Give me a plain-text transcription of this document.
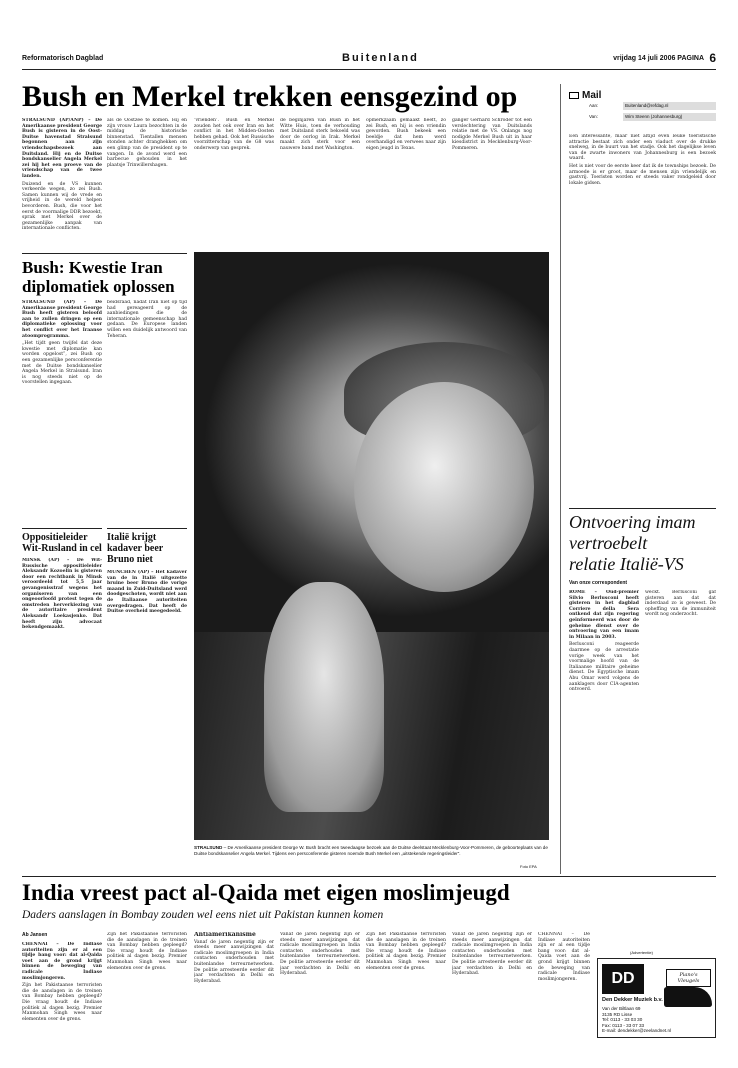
Reformatorisch Dagblad	Buitenland	vrijdag 14 juli 2006 PAGINA 6
Bush en Merkel trekken eensgezind op

STRALSUND (AP/ANP) – De Amerikaanse president George Bush is gisteren in de Oost-Duitse havenstad Stralsund begonnen aan zijn vriendschapsbezoek aan Duitsland. Hij en de Duitse bondskanselier Angela Merkel zei hij het een proeve van de vriendschap van de twee landen.

Duizend en de VS kunnen verkeerde wegen, zo zei Bush. Samen kunnen wij de vrede en vrijheid in de wereld helpen bevorderen. Bush, die voor het eerst de voormalige DDR bezoekt, sprak met Merkel over de gezamenlijke aanpak van internationale conflicten.

als de Oostzee te komen. Hij en zijn vrouw Laura bezochten in de middag de historische binnenstad. Tientallen mensen stonden achter dranghekken om een glimp van de president op te vangen. In de avond werd een barbecue gehouden in het plaatsje Trinwillershagen.
‘vrienden’. Bush en Merkel zouden het ook over Iran en het conflict in het Midden-Oosten hebben gehad. Ook het Russische voorzitterschap van de G8 was onderwerp van gesprek.
de beginjaren van Bush in het Witte Huis, toen de verhouding met Duitsland sterk bekoeld was door de oorlog in Irak. Merkel maakt zich sterk voor een nauwere band met Washington.
opmerkzaam gemaakt heeft, zo zei Bush, en hij is een vriendin geworden. Bush bekeek een beeldje dat hem werd overhandigd en verwees naar zijn eigen jeugd in Texas.
ganger Gerhard Schröder tot een verslechtering van Duitslands relatie met de VS. Onlangs nog nodigde Merkel Bush uit in haar kiesdistrict in Mecklenburg-Voor-Pommeren.
Bush: Kwestie Iran
diplomatiek oplossen

STRALSUND (AP) – De Amerikaanse president George Bush heeft gisteren beloofd aan te zullen dringen op een diplomatieke oplossing voor het conflict over het Iraanse atoomprogramma.

„Het tijdt geen twijfel dat deze kwestie met diplomatie kan worden opgelost”, zei Bush op een gezamenlijke persconferentie met de Duitse bondskanselier Angela Merkel in Stralsund. Iran is nog steeds niet op de voorstellen ingegaan.

beidsraad, nadat Iran niet op tijd had gereageerd op de aanbiedingen die de internationale gemeenschap had gedaan. De Europese landen willen een duidelijk antwoord van Teheran.
Oppositieleider
Wit-Rusland in cel

MINSK (AP) – De Wit-Russische oppositieleider Aleksandr Kozoelin is gisteren door een rechtbank in Minsk veroordeeld tot 5,5 jaar gevangenisstraf wegens het organiseren van een ongeoorloofd protest tegen de omstreden herverkiezing van de autoritaire president Aleksandr Loekasjenko. Dat heeft zijn advocaat bekendgemaakt.

Italië krijgt
kadaver beer
Bruno niet

MÜNCHEN (AP) – Het kadaver van de in Italië uitgezette bruine beer Bruno die vorige maand in Zuid-Duitsland werd doodgeschoten, wordt niet aan de Italiaanse autoriteiten overgedragen. Dat heeft de Duitse overheid meegedeeld.

STRALSUND – De Amerikaanse president George W. Bush bracht een tweedaagse bezoek aan de Duitse deelstaat Mecklenburg-Voor-Pommeren, de geboorteplaats van de Duitse bondskanselier Angela Merkel. Tijdens een persconferentie gisteren noemde Bush Merkel een „uitstekende regeringsleider”.
Foto EPA
Mail
Aan:	Buitenland@refdag.nl
Van:	Wim Steenn (Johannesburg)

Een interessante, maar niet altijd even leuke toeristische attractie bestaat zich onder een viaduct over de drukke snelweg, in de buurt van het stadje. Ook het dagelijkse leven van de zwarte inwoners van Johannesburg is een bezoek waard.

Het is niet voor de eerste keer dat ik de townships bezoek. De armoede is er groot, maar de mensen zijn vriendelijk en gastvrij. Toeristen worden er steeds vaker rondgeleid door lokale gidsen.

Ontvoering imam
vertroebelt
relatie Italië-VS
Van onze correspondent

ROME – Oud-premier Silvio Berlusconi heeft gisteren in het dagblad Corriere della Sera ontkend dat zijn regering geïnformeerd was door de geheime dienst over de ontvoering van een imam in Milaan in 2003.

Berlusconi reageerde daarmee op de arrestatie vorige week van het voormalige hoofd van de Italiaanse militaire geheime dienst. De Egyptische imam Abu Omar werd volgens de aanklagers door CIA-agenten ontvoerd.

weckt. Berlusconi gaf gisteren aan dat dat inderdaad zo is geweest. De opheffing van de immuniteit wordt nog onderzocht.
India vreest pact al-Qaida met eigen moslimjeugd
Daders aanslagen in Bombay zouden wel eens niet uit Pakistan kunnen komen
Ab Jansen

CHENNAI – De Indiase autoriteiten zijn er al een tijdje bang voor: dat al-Qaida voet aan de grond krijgt binnen de beweging van radicale Indiase moslimjongeren.

Zijn het Pakistaanse terroristen die de aanslagen in de treinen van Bombay hebben gepleegd? Die vraag houdt de Indiase politiek al dagen bezig. Premier Manmohan Singh wees naar elementen over de grens.

Zijn het Pakistaanse terroristen die de aanslagen in de treinen van Bombay hebben gepleegd? Die vraag houdt de Indiase politiek al dagen bezig. Premier Manmohan Singh wees naar elementen over de grens.

Antiamerikanisme

Vanaf de jaren negentig zijn er steeds meer aanwijzingen dat radicale moslimgroepen in India contacten onderhouden met buitenlandse terreurnetwerken. De politie arresteerde eerder dit jaar verdachten in Delhi en Hyderabad.

Vanaf de jaren negentig zijn er steeds meer aanwijzingen dat radicale moslimgroepen in India contacten onderhouden met buitenlandse terreurnetwerken. De politie arresteerde eerder dit jaar verdachten in Delhi en Hyderabad.
Zijn het Pakistaanse terroristen die de aanslagen in de treinen van Bombay hebben gepleegd? Die vraag houdt de Indiase politiek al dagen bezig. Premier Manmohan Singh wees naar elementen over de grens.
Vanaf de jaren negentig zijn er steeds meer aanwijzingen dat radicale moslimgroepen in India contacten onderhouden met buitenlandse terreurnetwerken. De politie arresteerde eerder dit jaar verdachten in Delhi en Hyderabad.
CHENNAI – De Indiase autoriteiten zijn er al een tijdje bang voor: dat al-Qaida voet aan de grond krijgt binnen de beweging van radicale Indiase moslimjongeren.	DD	Piano's Vleugels
Den Dekker Muziek b.v.
Van der Biltlaan 69
3135 RD Lisse
Tel: 0113 - 33 03 30
Fax: 0113 - 33 07 33
E-mail: dendekker@zeelandnet.nl
(Advertentie)
